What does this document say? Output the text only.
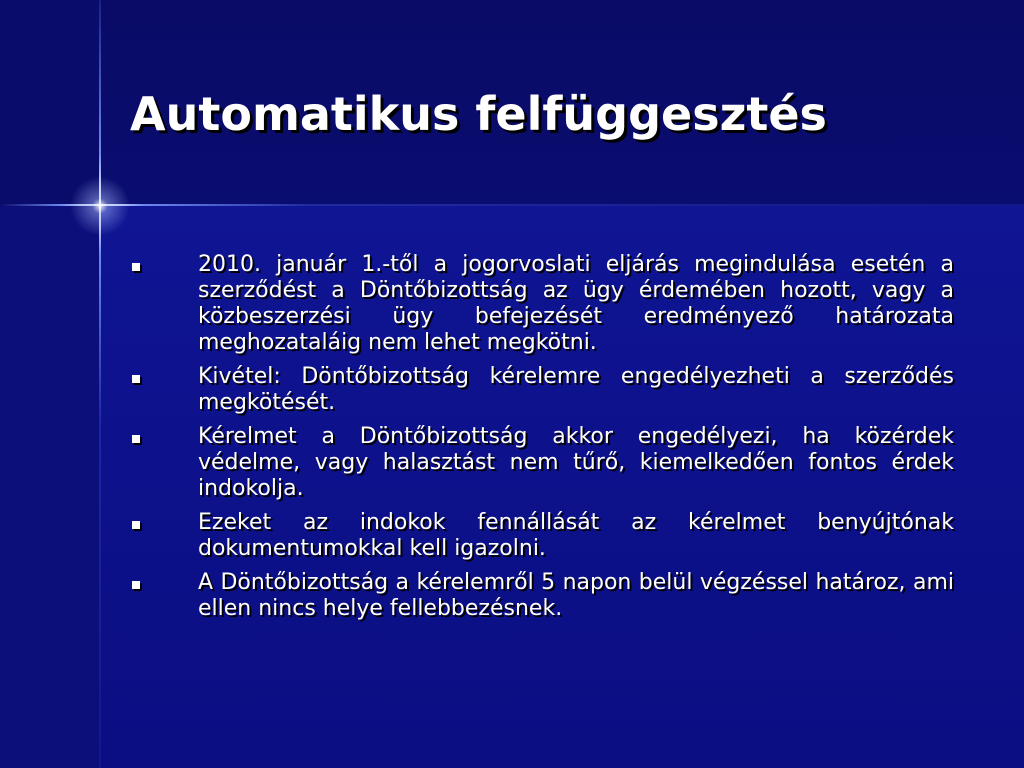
Automatikus felfüggesztés
2010. január 1.-től a jogorvoslati eljárás megindulása esetén a szerződést a Döntőbizottság az ügy érdemében hozott, vagy a közbeszerzési ügy befejezését eredményező határozata meghozataláig nem lehet megkötni.
Kivétel: Döntőbizottság kérelemre engedélyezheti a szerződés megkötését.
Kérelmet a Döntőbizottság akkor engedélyezi, ha közérdek védelme, vagy halasztást nem tűrő, kiemelkedően fontos érdek indokolja.
Ezeket az indokok fennállását az kérelmet benyújtónak dokumentumokkal kell igazolni.
A Döntőbizottság a kérelemről 5 napon belül végzéssel határoz, ami ellen nincs helye fellebbezésnek.
